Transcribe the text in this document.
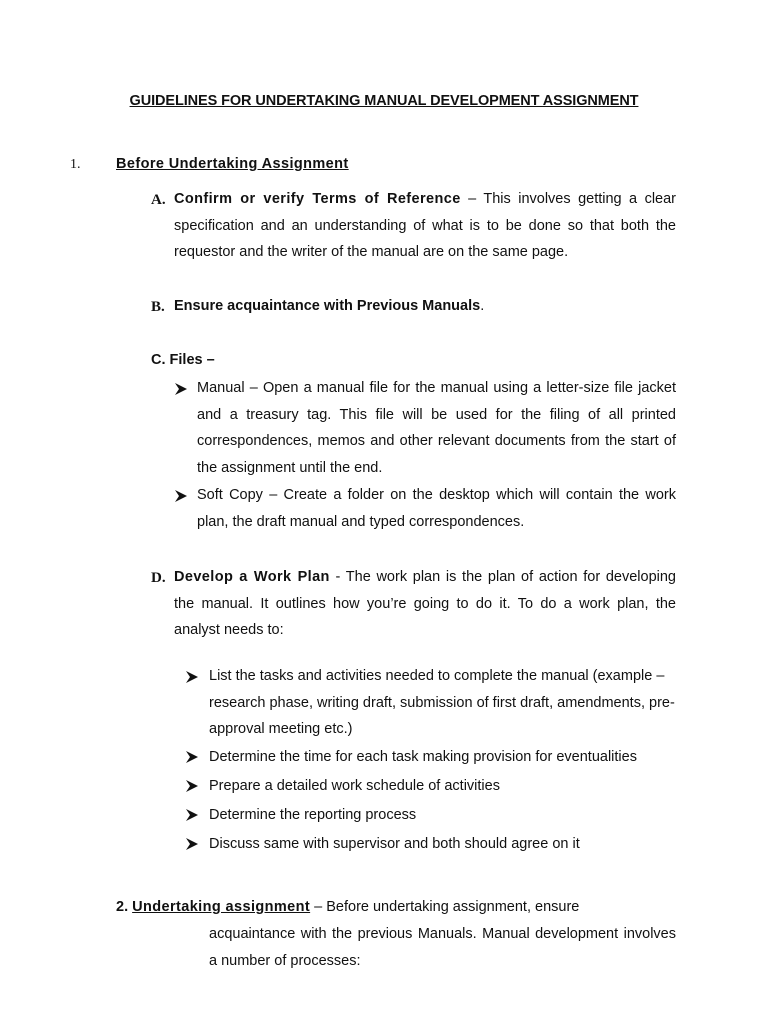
GUIDELINES FOR UNDERTAKING MANUAL DEVELOPMENT ASSIGNMENT
1. Before Undertaking Assignment
A. Confirm or verify Terms of Reference – This involves getting a clear specification and an understanding of what is to be done so that both the requestor and the writer of the manual are on the same page.
B. Ensure acquaintance with Previous Manuals.
C. Files –
Manual – Open a manual file for the manual using a letter-size file jacket and a treasury tag. This file will be used for the filing of all printed correspondences, memos and other relevant documents from the start of the assignment until the end.
Soft Copy – Create a folder on the desktop which will contain the work plan, the draft manual and typed correspondences.
D. Develop a Work Plan - The work plan is the plan of action for developing the manual. It outlines how you’re going to do it. To do a work plan, the analyst needs to:
List the tasks and activities needed to complete the manual (example – research phase, writing draft, submission of first draft, amendments, pre-approval meeting etc.)
Determine the time for each task making provision for eventualities
Prepare a detailed work schedule of activities
Determine the reporting process
Discuss same with supervisor and both should agree on it
2. Undertaking assignment – Before undertaking assignment, ensure
acquaintance with the previous Manuals. Manual development involves a number of processes:
